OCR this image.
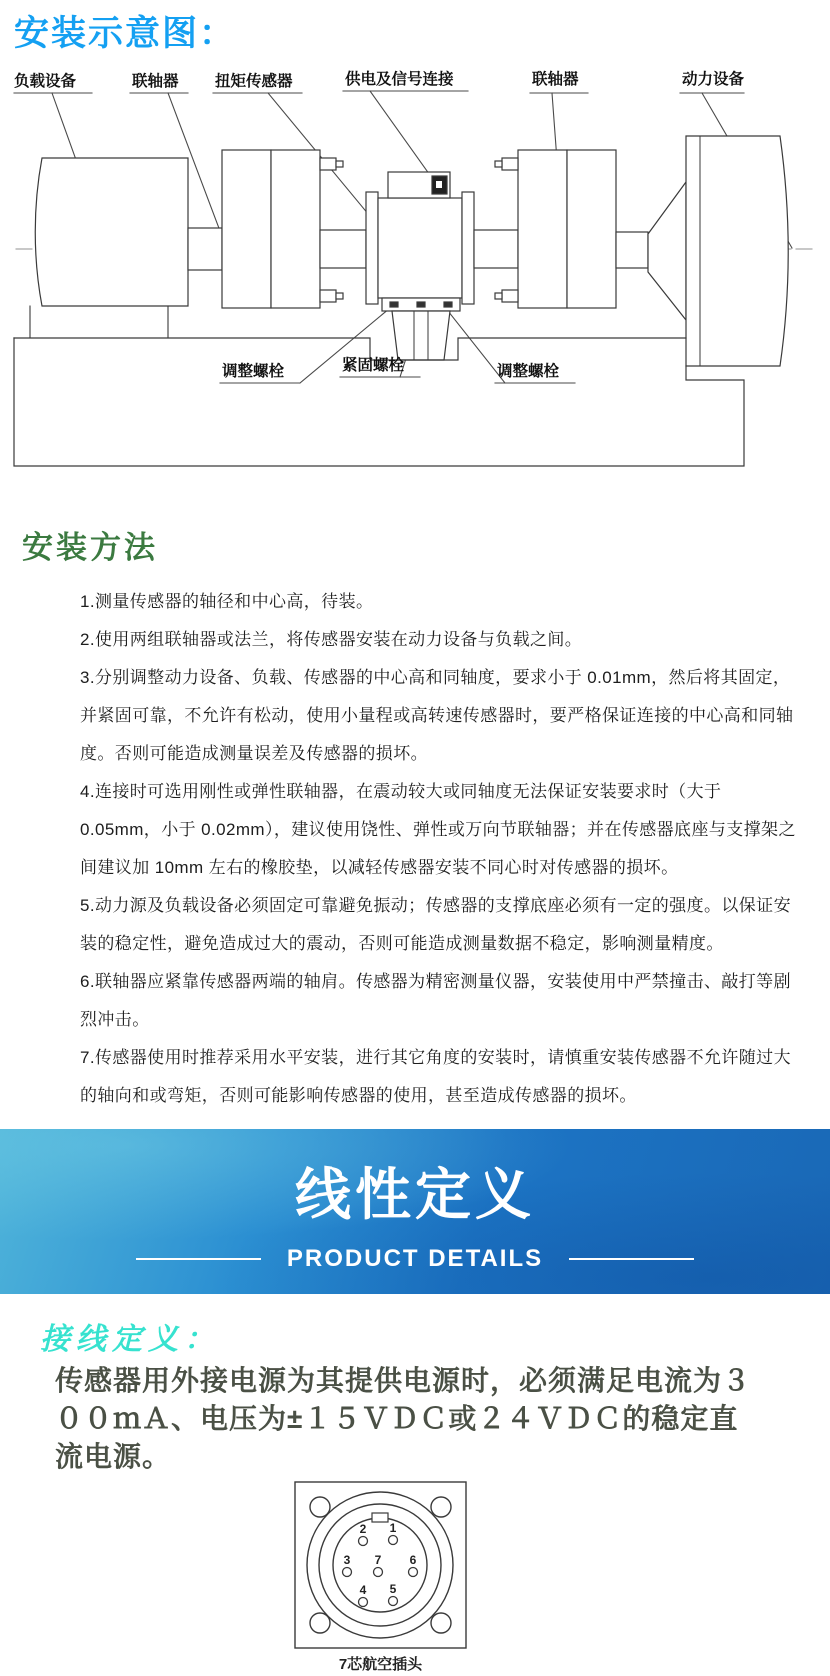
安装示意图：
负载设备	联轴器 扭矩传感器	供电及信号连接	联轴器	动力设备
调整螺栓	紧固螺栓	调整螺栓
安装方法

1.测量传感器的轴径和中心高，待装。

2.使用两组联轴器或法兰，将传感器安装在动力设备与负载之间。

3.分别调整动力设备、负载、传感器的中心高和同轴度，要求小于 0.01mm，然后将其固定，并紧固可靠，不允许有松动，使用小量程或高转速传感器时，要严格保证连接的中心高和同轴度。否则可能造成测量误差及传感器的损坏。

4.连接时可选用刚性或弹性联轴器，在震动较大或同轴度无法保证安装要求时（大于 0.05mm，小于 0.02mm），建议使用饶性、弹性或万向节联轴器；并在传感器底座与支撑架之间建议加 10mm 左右的橡胶垫，以减轻传感器安装不同心时对传感器的损坏。

5.动力源及负载设备必须固定可靠避免振动；传感器的支撑底座必须有一定的强度。以保证安装的稳定性，避免造成过大的震动，否则可能造成测量数据不稳定，影响测量精度。

6.联轴器应紧靠传感器两端的轴肩。传感器为精密测量仪器，安装使用中严禁撞击、敲打等剧烈冲击。

7.传感器使用时推荐采用水平安装，进行其它角度的安装时，请慎重安装传感器不允许随过大的轴向和或弯矩，否则可能影响传感器的使用，甚至造成传感器的损坏。

线性定义
PRODUCT DETAILS
接线定义：

传感器用外接电源为其提供电源时，必须满足电流为３００ｍＡ、电压为±１５ＶＤＣ或２４ＶＤＣ的稳定直流电源。

2 1
3 7 6
4 5

7芯航空插头
